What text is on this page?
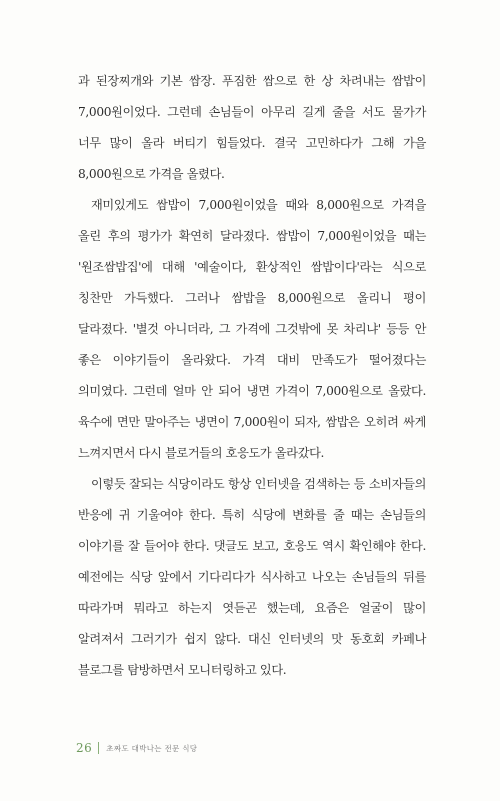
과 된장찌개와 기본 쌈장. 푸짐한 쌈으로 한 상 차려내는 쌈밥이 7,000원이었다. 그런데 손님들이 아무리 길게 줄을 서도 물가가 너무 많이 올라 버티기 힘들었다. 결국 고민하다가 그해 가을 8,000원으로 가격을 올렸다.

재미있게도 쌈밥이 7,000원이었을 때와 8,000원으로 가격을 올린 후의 평가가 확연히 달라졌다. 쌈밥이 7,000원이었을 때는 '원조쌈밥집'에 대해 '예술이다, 환상적인 쌈밥이다'라는 식으로 칭찬만 가득했다. 그러나 쌈밥을 8,000원으로 올리니 평이 달라졌다. '별것 아니더라, 그 가격에 그것밖에 못 차리냐' 등등 안 좋은 이야기들이 올라왔다. 가격 대비 만족도가 떨어졌다는 의미였다. 그런데 얼마 안 되어 냉면 가격이 7,000원으로 올랐다. 육수에 면만 말아주는 냉면이 7,000원이 되자, 쌈밥은 오히려 싸게 느껴지면서 다시 블로거들의 호응도가 올라갔다.

이렇듯 잘되는 식당이라도 항상 인터넷을 검색하는 등 소비자들의 반응에 귀 기울여야 한다. 특히 식당에 변화를 줄 때는 손님들의 이야기를 잘 들어야 한다. 댓글도 보고, 호응도 역시 확인해야 한다. 예전에는 식당 앞에서 기다리다가 식사하고 나오는 손님들의 뒤를 따라가며 뭐라고 하는지 엿듣곤 했는데, 요즘은 얼굴이 많이 알려져서 그러기가 쉽지 않다. 대신 인터넷의 맛 동호회 카페나 블로그를 탐방하면서 모니터링하고 있다.

26 초짜도 대박나는 전문 식당
